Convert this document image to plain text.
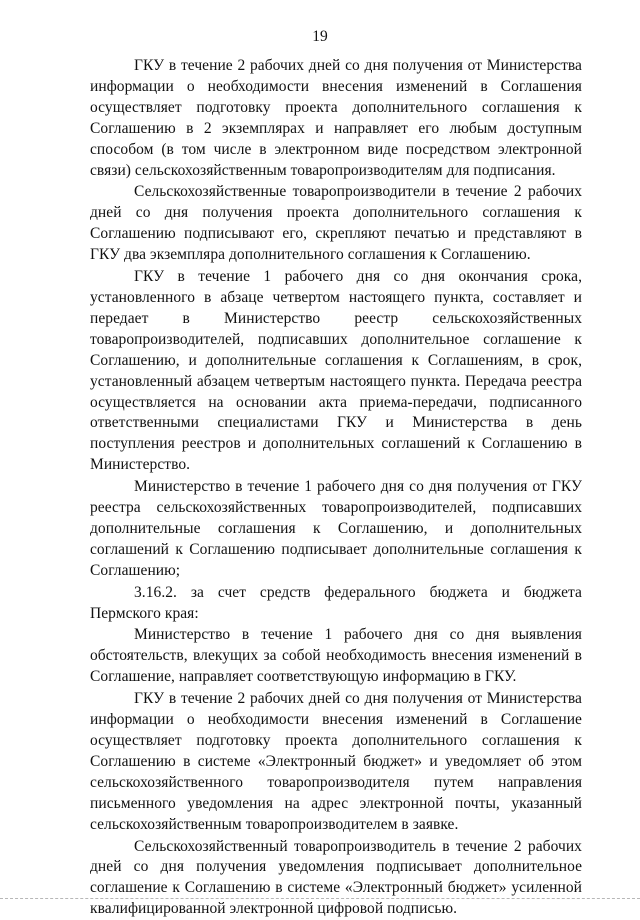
19

ГКУ в течение 2 рабочих дней со дня получения от Министерства информации о необходимости внесения изменений в Соглашения осуществляет подготовку проекта дополнительного соглашения к Соглашению в 2 экземплярах и направляет его любым доступным способом (в том числе в электронном виде посредством электронной связи) сельскохозяйственным товаропроизводителям для подписания.

Сельскохозяйственные товаропроизводители в течение 2 рабочих дней со дня получения проекта дополнительного соглашения к Соглашению подписывают его, скрепляют печатью и представляют в ГКУ два экземпляра дополнительного соглашения к Соглашению.

ГКУ в течение 1 рабочего дня со дня окончания срока, установленного в абзаце четвертом настоящего пункта, составляет и передает в Министерство реестр сельскохозяйственных товаропроизводителей, подписавших дополнительное соглашение к Соглашению, и дополнительные соглашения к Соглашениям, в срок, установленный абзацем четвертым настоящего пункта. Передача реестра осуществляется на основании акта приема-передачи, подписанного ответственными специалистами ГКУ и Министерства в день поступления реестров и дополнительных соглашений к Соглашению в Министерство.

Министерство в течение 1 рабочего дня со дня получения от ГКУ реестра сельскохозяйственных товаропроизводителей, подписавших дополнительные соглашения к Соглашению, и дополнительных соглашений к Соглашению подписывает дополнительные соглашения к Соглашению;

3.16.2. за счет средств федерального бюджета и бюджета Пермского края:

Министерство в течение 1 рабочего дня со дня выявления обстоятельств, влекущих за собой необходимость внесения изменений в Соглашение, направляет соответствующую информацию в ГКУ.

ГКУ в течение 2 рабочих дней со дня получения от Министерства информации о необходимости внесения изменений в Соглашение осуществляет подготовку проекта дополнительного соглашения к Соглашению в системе «Электронный бюджет» и уведомляет об этом сельскохозяйственного товаропроизводителя путем направления письменного уведомления на адрес электронной почты, указанный сельскохозяйственным товаропроизводителем в заявке.

Сельскохозяйственный товаропроизводитель в течение 2 рабочих дней со дня получения уведомления подписывает дополнительное соглашение к Соглашению в системе «Электронный бюджет» усиленной квалифицированной электронной цифровой подписью.
